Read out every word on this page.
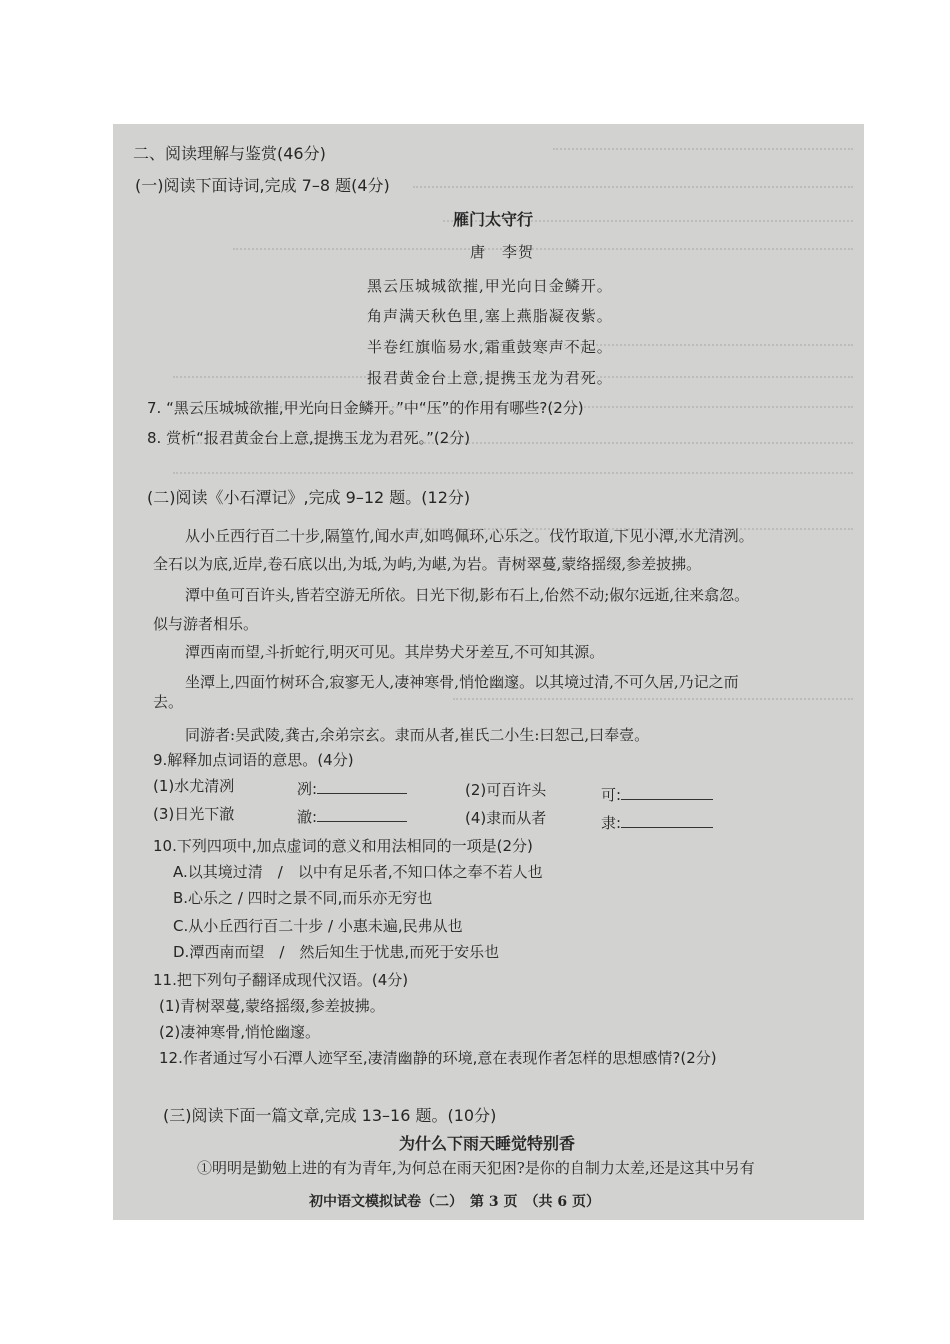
二、阅读理解与鉴赏(46分)
(一)阅读下面诗词,完成 7–8 题(4分)
雁门太守行
唐　李贺
黑云压城城欲摧,甲光向日金鳞开。
角声满天秋色里,塞上燕脂凝夜紫。
半卷红旗临易水,霜重鼓寒声不起。
报君黄金台上意,提携玉龙为君死。
7. “黑云压城城欲摧,甲光向日金鳞开。”中“压”的作用有哪些?(2分)
8. 赏析“报君黄金台上意,提携玉龙为君死。”(2分)
(二)阅读《小石潭记》,完成 9–12 题。(12分)
从小丘西行百二十步,隔篁竹,闻水声,如鸣佩环,心乐之。伐竹取道,下见小潭,水尤清洌。
全石以为底,近岸,卷石底以出,为坻,为屿,为嵁,为岩。青树翠蔓,蒙络摇缀,参差披拂。
潭中鱼可百许头,皆若空游无所依。日光下彻,影布石上,佁然不动;俶尔远逝,往来翕忽。
似与游者相乐。
潭西南而望,斗折蛇行,明灭可见。其岸势犬牙差互,不可知其源。
坐潭上,四面竹树环合,寂寥无人,凄神寒骨,悄怆幽邃。以其境过清,不可久居,乃记之而
去。
同游者:吴武陵,龚古,余弟宗玄。隶而从者,崔氏二小生:曰恕己,曰奉壹。
9.解释加点词语的意思。(4分)
(1)水尤清冽	冽:	(2)可百许头	可:
(3)日光下澈	澈:	(4)隶而从者	隶:
10.下列四项中,加点虚词的意义和用法相同的一项是(2分)
A.以其境过清　/　以中有足乐者,不知口体之奉不若人也
B.心乐之 / 四时之景不同,而乐亦无穷也
C.从小丘西行百二十步 / 小惠未遍,民弗从也
D.潭西南而望　/　然后知生于忧患,而死于安乐也
11.把下列句子翻译成现代汉语。(4分)
(1)青树翠蔓,蒙络摇缀,参差披拂。
(2)凄神寒骨,悄怆幽邃。
12.作者通过写小石潭人迹罕至,凄清幽静的环境,意在表现作者怎样的思想感情?(2分)
(三)阅读下面一篇文章,完成 13–16 题。(10分)
为什么下雨天睡觉特别香
①明明是勤勉上进的有为青年,为何总在雨天犯困?是你的自制力太差,还是这其中另有
初中语文模拟试卷（二）　第 3 页　（共 6 页）
